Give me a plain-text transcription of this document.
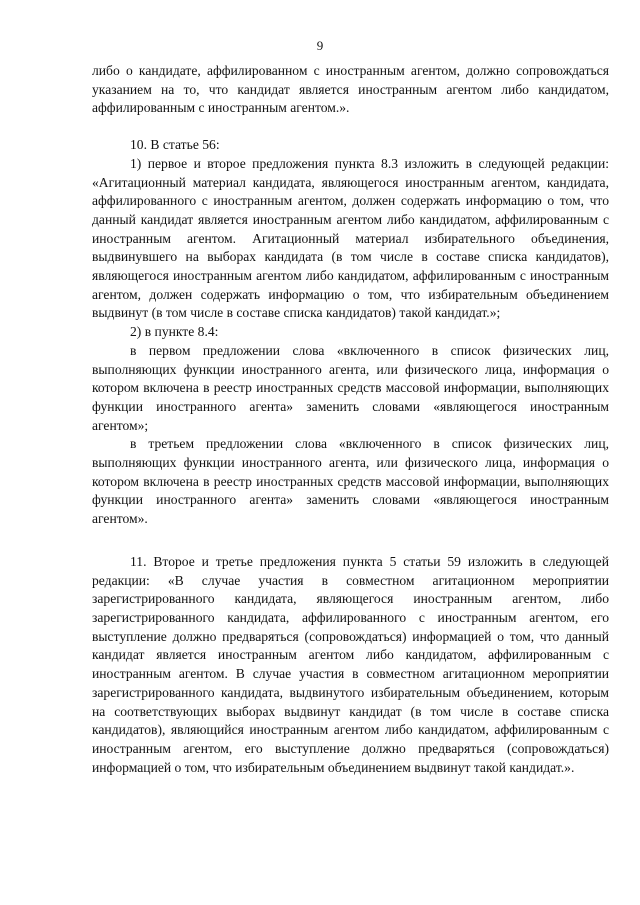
9

либо о кандидате, аффилированном с иностранным агентом, должно сопровождаться указанием на то, что кандидат является иностранным агентом либо кандидатом, аффилированным с иностранным агентом.».

10. В статье 56:

1) первое и второе предложения пункта 8.3 изложить в следующей редакции: «Агитационный материал кандидата, являющегося иностранным агентом, кандидата, аффилированного с иностранным агентом, должен содержать информацию о том, что данный кандидат является иностранным агентом либо кандидатом, аффилированным с иностранным агентом. Агитационный материал избирательного объединения, выдвинувшего на выборах кандидата (в том числе в составе списка кандидатов), являющегося иностранным агентом либо кандидатом, аффилированным с иностранным агентом, должен содержать информацию о том, что избирательным объединением выдвинут (в том числе в составе списка кандидатов) такой кандидат.»;

2) в пункте 8.4:

в первом предложении слова «включенного в список физических лиц, выполняющих функции иностранного агента, или физического лица, информация о котором включена в реестр иностранных средств массовой информации, выполняющих функции иностранного агента» заменить словами «являющегося иностранным агентом»;

в третьем предложении слова «включенного в список физических лиц, выполняющих функции иностранного агента, или физического лица, информация о котором включена в реестр иностранных средств массовой информации, выполняющих функции иностранного агента» заменить словами «являющегося иностранным агентом».

11. Второе и третье предложения пункта 5 статьи 59 изложить в следующей редакции: «В случае участия в совместном агитационном мероприятии зарегистрированного кандидата, являющегося иностранным агентом, либо зарегистрированного кандидата, аффилированного с иностранным агентом, его выступление должно предваряться (сопровождаться) информацией о том, что данный кандидат является иностранным агентом либо кандидатом, аффилированным с иностранным агентом. В случае участия в совместном агитационном мероприятии зарегистрированного кандидата, выдвинутого избирательным объединением, которым на соответствующих выборах выдвинут кандидат (в том числе в составе списка кандидатов), являющийся иностранным агентом либо кандидатом, аффилированным с иностранным агентом, его выступление должно предваряться (сопровождаться) информацией о том, что избирательным объединением выдвинут такой кандидат.».
